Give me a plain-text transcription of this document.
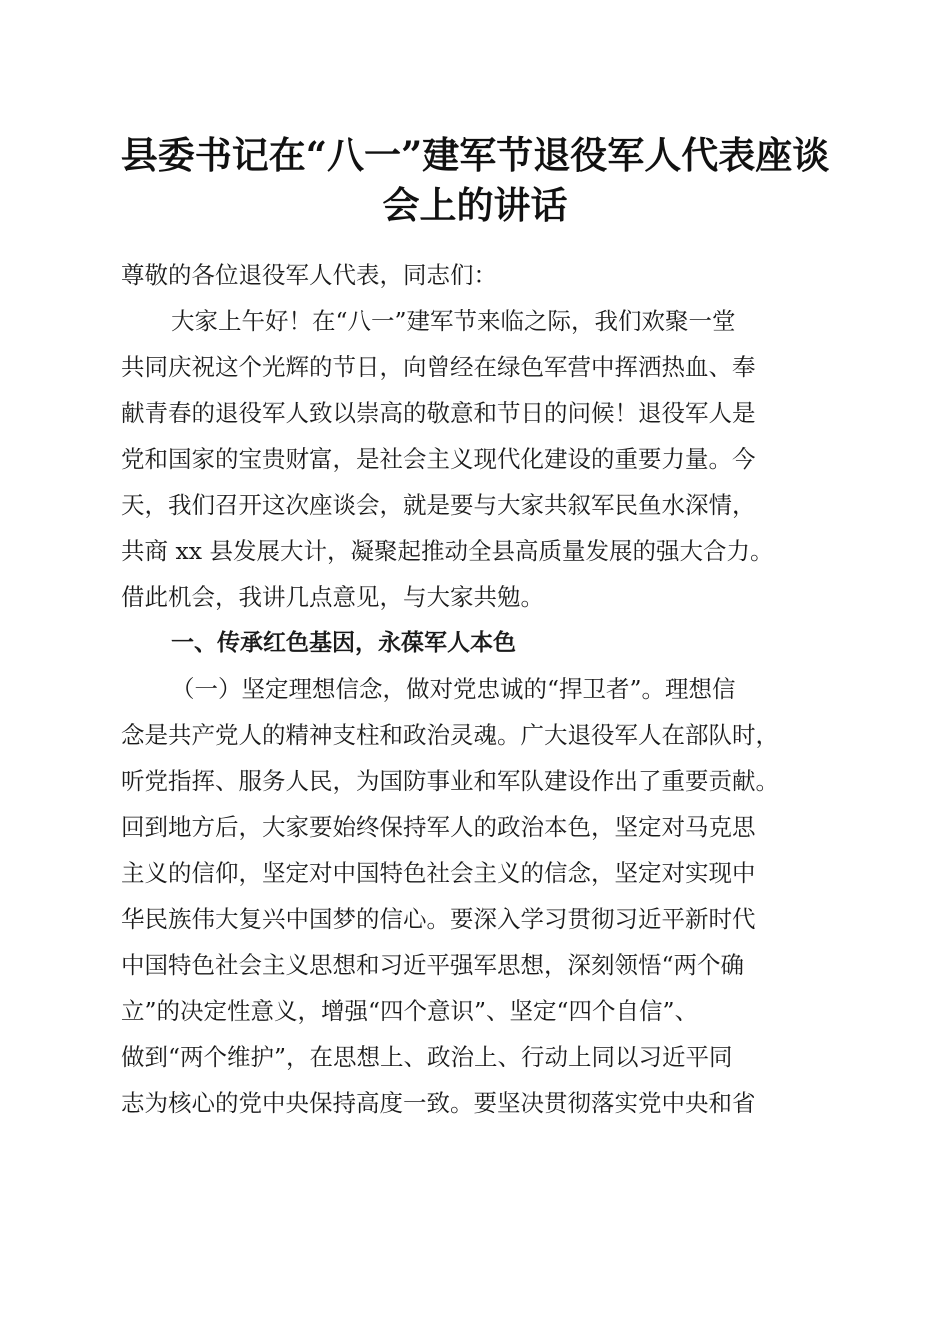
县委书记在“八一”建军节退役军人代表座谈
会上的讲话
尊敬的各位退役军人代表，同志们：
大家上午好！在“八一”建军节来临之际，我们欢聚一堂
共同庆祝这个光辉的节日，向曾经在绿色军营中挥洒热血、奉
献青春的退役军人致以崇高的敬意和节日的问候！退役军人是
党和国家的宝贵财富，是社会主义现代化建设的重要力量。今
天，我们召开这次座谈会，就是要与大家共叙军民鱼水深情，
共商 xx 县发展大计，凝聚起推动全县高质量发展的强大合力。
借此机会，我讲几点意见，与大家共勉。
一、传承红色基因，永葆军人本色
（一）坚定理想信念，做对党忠诚的“捍卫者”。理想信
念是共产党人的精神支柱和政治灵魂。广大退役军人在部队时，
听党指挥、服务人民，为国防事业和军队建设作出了重要贡献。
回到地方后，大家要始终保持军人的政治本色，坚定对马克思
主义的信仰，坚定对中国特色社会主义的信念，坚定对实现中
华民族伟大复兴中国梦的信心。要深入学习贯彻习近平新时代
中国特色社会主义思想和习近平强军思想，深刻领悟“两个确
立”的决定性意义，增强“四个意识”、坚定“四个自信”、
做到“两个维护”，在思想上、政治上、行动上同以习近平同
志为核心的党中央保持高度一致。要坚决贯彻落实党中央和省
